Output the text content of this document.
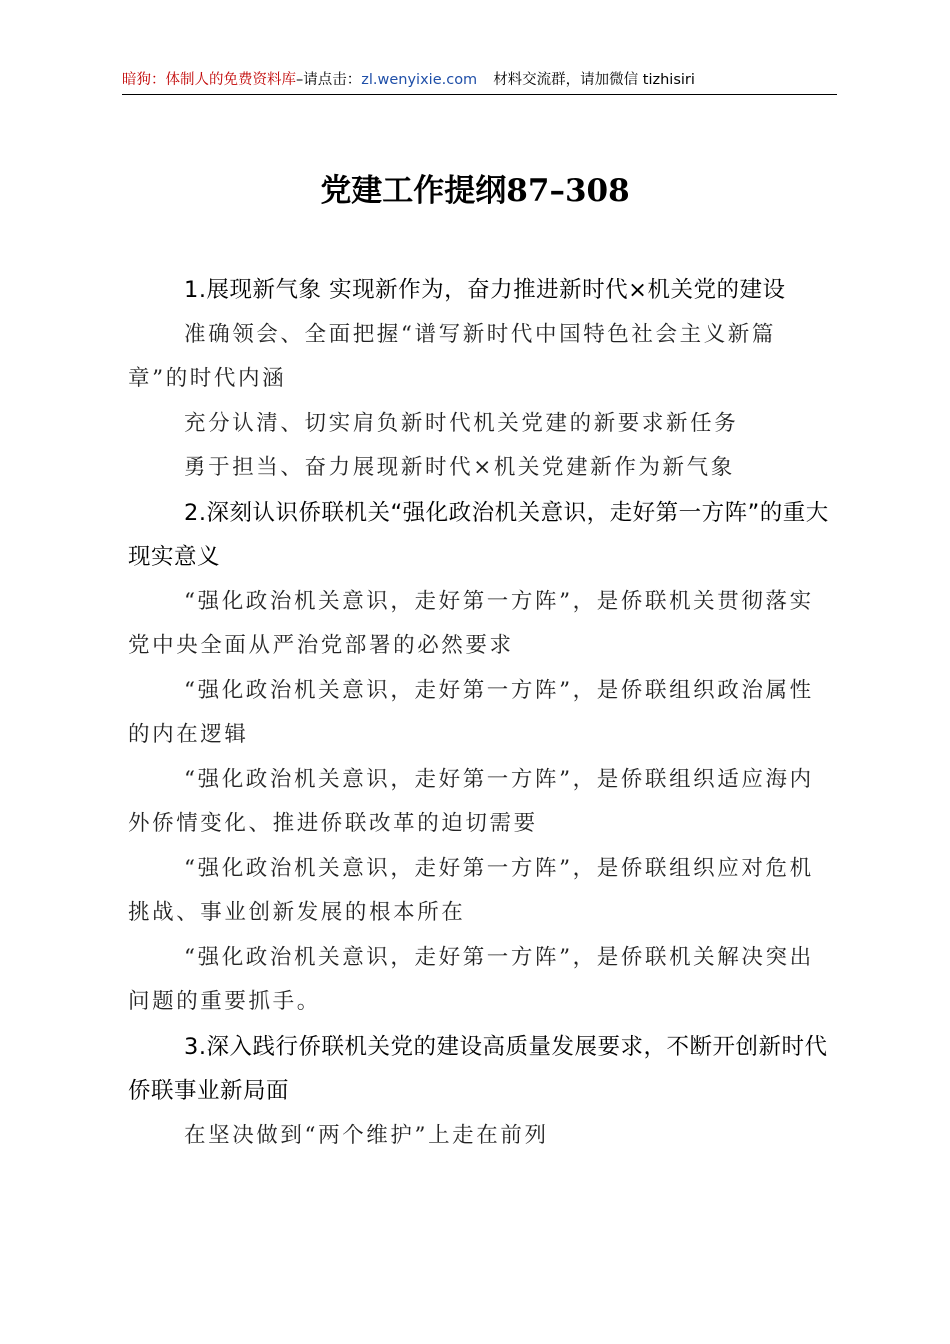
暗狗：体制人的免费资料库–请点击：zl.wenyixie.com 材料交流群，请加微信 tizhisiri
党建工作提纲87–308

1.展现新气象 实现新作为，奋力推进新时代×机关党的建设

准确领会、全面把握“谱写新时代中国特色社会主义新篇章”的时代内涵

充分认清、切实肩负新时代机关党建的新要求新任务

勇于担当、奋力展现新时代×机关党建新作为新气象

2.深刻认识侨联机关“强化政治机关意识，走好第一方阵”的重大现实意义

“强化政治机关意识，走好第一方阵”，是侨联机关贯彻落实党中央全面从严治党部署的必然要求

“强化政治机关意识，走好第一方阵”，是侨联组织政治属性的内在逻辑

“强化政治机关意识，走好第一方阵”，是侨联组织适应海内外侨情变化、推进侨联改革的迫切需要

“强化政治机关意识，走好第一方阵”，是侨联组织应对危机挑战、事业创新发展的根本所在

“强化政治机关意识，走好第一方阵”，是侨联机关解决突出问题的重要抓手。

3.深入践行侨联机关党的建设高质量发展要求，不断开创新时代侨联事业新局面

在坚决做到“两个维护”上走在前列
